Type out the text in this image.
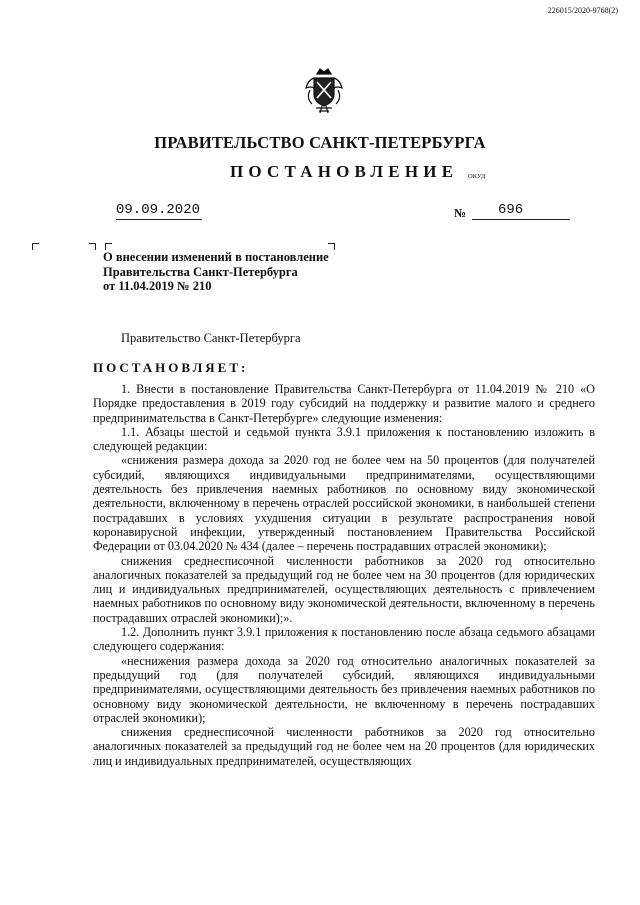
226015/2020-9768(2)
ПРАВИТЕЛЬСТВО САНКТ-ПЕТЕРБУРГА
ПОСТАНОВЛЕНИЕ ОКУД
09.09.2020	№	696
О внесении изменений в постановление
Правительства Санкт-Петербурга
от 11.04.2019 № 210
Правительство Санкт-Петербурга
ПОСТАНОВЛЯЕТ:

1. Внести в постановление Правительства Санкт-Петербурга от 11.04.2019 № 210 «О Порядке предоставления в 2019 году субсидий на поддержку и развитие малого и среднего предпринимательства в Санкт-Петербурге» следующие изменения:

1.1. Абзацы шестой и седьмой пункта 3.9.1 приложения к постановлению изложить в следующей редакции:

«снижения размера дохода за 2020 год не более чем на 50 процентов (для получателей субсидий, являющихся индивидуальными предпринимателями, осуществляющими деятельность без привлечения наемных работников по основному виду экономической деятельности, включенному в перечень отраслей российской экономики, в наибольшей степени пострадавших в условиях ухудшения ситуации в результате распространения новой коронавирусной инфекции, утвержденный постановлением Правительства Российской Федерации от 03.04.2020 № 434 (далее – перечень пострадавших отраслей экономики);

снижения среднесписочной численности работников за 2020 год относительно аналогичных показателей за предыдущий год не более чем на 30 процентов (для юридических лиц и индивидуальных предпринимателей, осуществляющих деятельность с привлечением наемных работников по основному виду экономической деятельности, включенному в перечень пострадавших отраслей экономики);».

1.2. Дополнить пункт 3.9.1 приложения к постановлению после абзаца седьмого абзацами следующего содержания:

«неснижения размера дохода за 2020 год относительно аналогичных показателей за предыдущий год (для получателей субсидий, являющихся индивидуальными предпринимателями, осуществляющими деятельность без привлечения наемных работников по основному виду экономической деятельности, не включенному в перечень пострадавших отраслей экономики);

снижения среднесписочной численности работников за 2020 год относительно аналогичных показателей за предыдущий год не более чем на 20 процентов (для юридических лиц и индивидуальных предпринимателей, осуществляющих
